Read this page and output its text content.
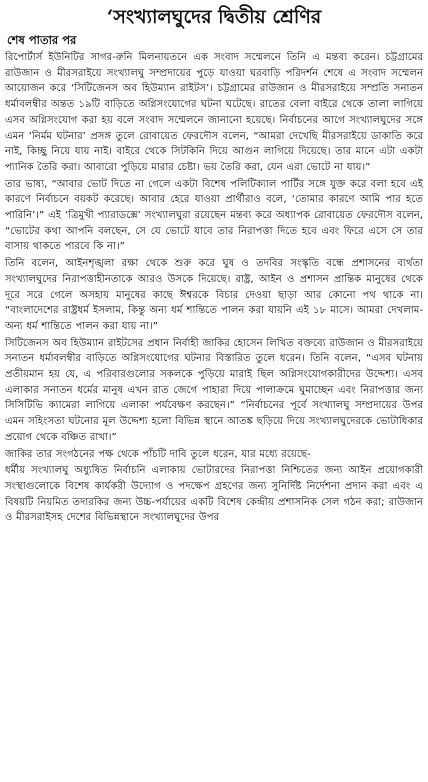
‘সংখ্যালঘুদের দ্বিতীয় শ্রেণির
শেষ পাতার পর

রিপোর্টার্স ইউনিটির সাগর-রুনি মিলনায়তনে এক সংবাদ সম্মেলনে তিনি এ মন্তব্য করেন। চট্টগ্রামের রাউজান ও মীরসরাইয়ে সংখ্যালঘু সম্প্রদায়ের পুড়ে যাওয়া ঘরবাড়ি পরিদর্শন শেষে এ সংবাদ সম্মেলন আয়োজন করে ‘সিটিজেনস অব হিউম্যান রাইটস’। চট্টগ্রামের রাউজান ও মীরসরাইয়ে সম্প্রতি সনাতন ধর্মাবলম্বীর অন্তত ১৯টি বাড়িতে অগ্নিসংযোগের ঘটনা ঘটেছে। রাতের বেলা বাইরে থেকে তালা লাগিয়ে এসব অগ্নিসংযোগ করা হয় বলে সংবাদ সম্মেলনে জানানো হয়েছে। নির্বাচনের আগে সংখ্যালঘুদের সঙ্গে এমন ‘নির্মম ঘটনার’ প্রসঙ্গ তুলে রোবায়েত ফেরদৌস বলেন, “আমরা দেখেছি মীরসরাইয়ে ডাকাতি করে নাই, কিচ্ছু নিয়ে যায় নাই। বাইরে থেকে সিটকিনি দিয়ে আগুন লাগিয়ে দিয়েছে। তার মানে এটা একটা প্যানিক তৈরি করা। আবারো পুড়িয়ে মারার চেষ্টা। ভয় তৈরি করা, যেন এরা ভোটে না যায়।”

তার ভাষ্য, “আবার ভোট দিতে না গেলে একটা বিশেষ পলিটিক্যাল পার্টির সঙ্গে যুক্ত করে বলা হবে এই কারণে নির্বাচনে বয়কট করেছে। আবার হেরে যাওয়া প্রার্থীরাও বলে, ‘তোমার কারণে আমি পার হতে পারিনি’।” এই ‘ত্রিমুখী প্যারাডক্সে’ সংখ্যালঘুরা রয়েছেন মন্তব্য করে অধ্যাপক রোবায়েত ফেরদৌস বলেন, “ভোটের কথা আপনি বলছেন, সে যে ভোটে যাবে তার নিরাপত্তা দিতে হবে এবং ফিরে এসে সে তার বাসায় থাকতে পারবে কি না।”

তিনি বলেন, আইনশৃঙ্খলা রক্ষা থেকে শুরু করে ঘুষ ও তদবির সংস্কৃতি বন্ধে প্রশাসনের ব্যর্থতা সংখ্যালঘুদের নিরাপত্তাহীনতাকে আরও উসকে দিয়েছে। রাষ্ট্র, আইন ও প্রশাসন প্রান্তিক মানুষের থেকে দূরে সরে গেলে অসহায় মানুষের কাছে ঈশ্বরকে বিচার দেওয়া ছাড়া আর কোনো পথ থাকে না। “বাংলাদেশের রাষ্ট্রধর্ম ইসলাম, কিন্তু অন্য ধর্ম শান্তিতে পালন করা যায়নি এই ১৮ মাসে। আমরা দেখলাম-অন্য ধর্ম শান্তিতে পালন করা যায় না।”

সিটিজেনস অব হিউম্যান রাইটসের প্রধান নির্বাহী জাকির হোসেন লিখিত বক্তব্যে রাউজান ও মীরসরাইয়ে সনাতন ধর্মাবলম্বীর বাড়িতে অগ্নিসংযোগের ঘটনার বিস্তারিত তুলে ধরেন। তিনি বলেন, “এসব ঘটনায় প্রতীয়মান হয় যে, এ পরিবারগুলোর সকলকে পুড়িয়ে মারাই ছিল অগ্নিসংযোগকারীদের উদ্দেশ্য। এসব এলাকার সনাতন ধর্মের মানুষ এখন রাত জেগে পাহারা দিয়ে পালাক্রমে ঘুমাচ্ছেন এবং নিরাপত্তার জন্য সিসিটিভি ক্যামেরা লাগিয়ে এলাকা পর্যবেক্ষণ করছেন।” “নির্বাচনের পূর্বে সংখ্যালঘু সম্প্রদায়ের উপর এমন সহিংসতা ঘটনোর মূল উদ্দেশ্য হলো বিভিন্ন স্থানে আতঙ্ক ছড়িয়ে দিয়ে সংখ্যালঘুদেরকে ভোটাধিকার প্রয়োগ থেকে বঞ্চিত রাখা।”

জাকির তার সংগঠনের পক্ষ থেকে পাঁচটি দাবি তুলে ধরেন, যার মধ্যে রয়েছে-

ধর্মীয় সংখ্যালঘু অধ্যুষিত নির্বাচনি এলাকায় ভোটারদের নিরাপত্তা নিশ্চিতের জন্য আইন প্রয়োগকারী সংস্থাগুলোকে বিশেষ কার্যকরী উদ্যোগ ও পদক্ষেপ গ্রহণের জন্য সুনির্দিষ্ট নির্দেশনা প্রদান করা এবং এ বিষয়টি নিয়মিত তদারকির জন্য উচ্চ-পর্যায়ের একটি বিশেষ কেন্দ্রীয় প্রশাসনিক সেল গঠন করা; রাউজান ও মীরসরাইসহ দেশের বিভিন্নস্থানে সংখ্যালঘুদের উপর
